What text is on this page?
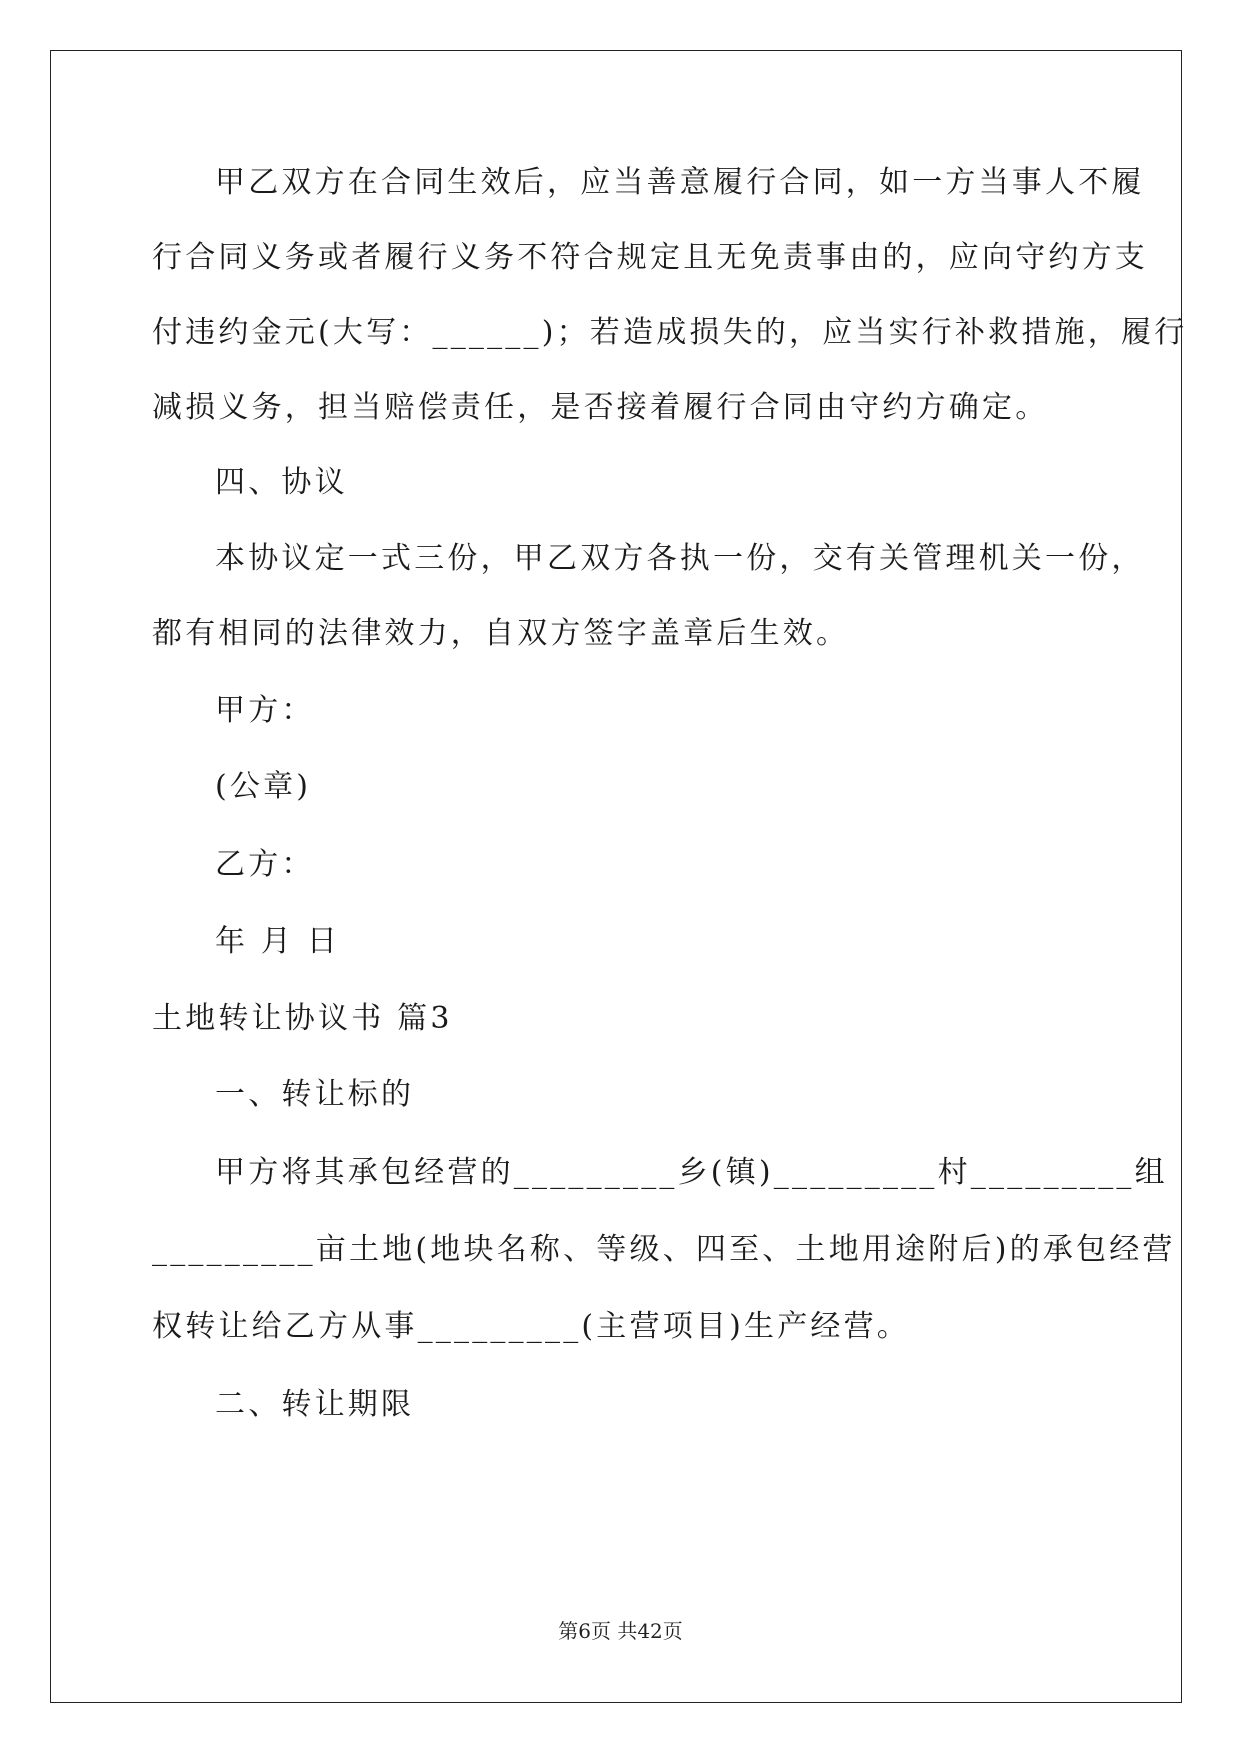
甲乙双方在合同生效后，应当善意履行合同，如一方当事人不履
行合同义务或者履行义务不符合规定且无免责事由的，应向守约方支
付违约金元(大写：______)；若造成损失的，应当实行补救措施，履行
减损义务，担当赔偿责任，是否接着履行合同由守约方确定。
四、协议
本协议定一式三份，甲乙双方各执一份，交有关管理机关一份，
都有相同的法律效力，自双方签字盖章后生效。
甲方：
(公章)
乙方：
年 月 日
土地转让协议书 篇3
一、转让标的
甲方将其承包经营的_________乡(镇)_________村_________组
_________亩土地(地块名称、等级、四至、土地用途附后)的承包经营
权转让给乙方从事_________(主营项目)生产经营。
二、转让期限
第6页 共42页
